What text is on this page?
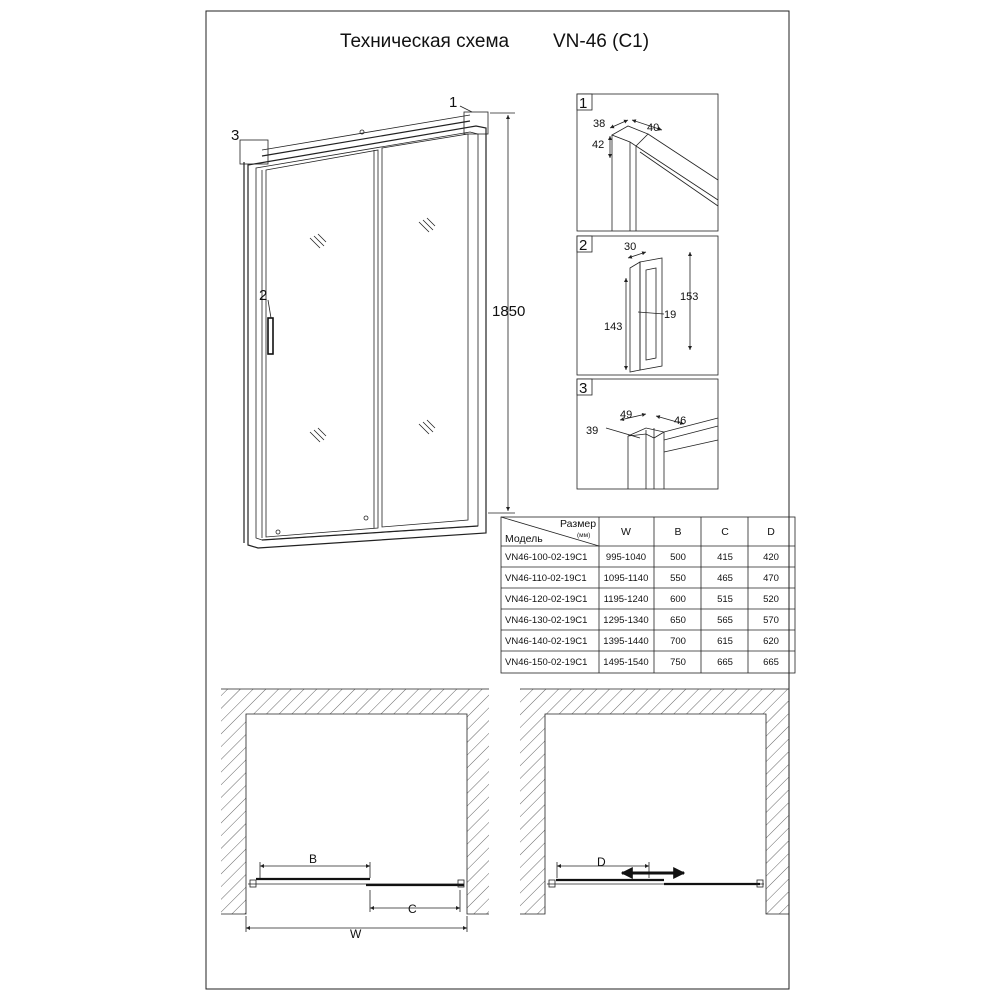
Техническая схема VN-46 (C1)
3
1
2
1850
1
38	40
42
2	30
153
143
19
3
49	46
39
Размер
(мм)
Модель
W	B	C	D
VN46-100-02-19C1 995-1040	500	415	420
VN46-110-02-19C1 1095-1140 550	465	470
VN46-120-02-19C1 1195-1240 600	515	520
VN46-130-02-19C1 1295-1340 650	565	570
VN46-140-02-19C1 1395-1440 700	615	620
VN46-150-02-19C1 1495-1540 750	665	665
B
C
W
D
